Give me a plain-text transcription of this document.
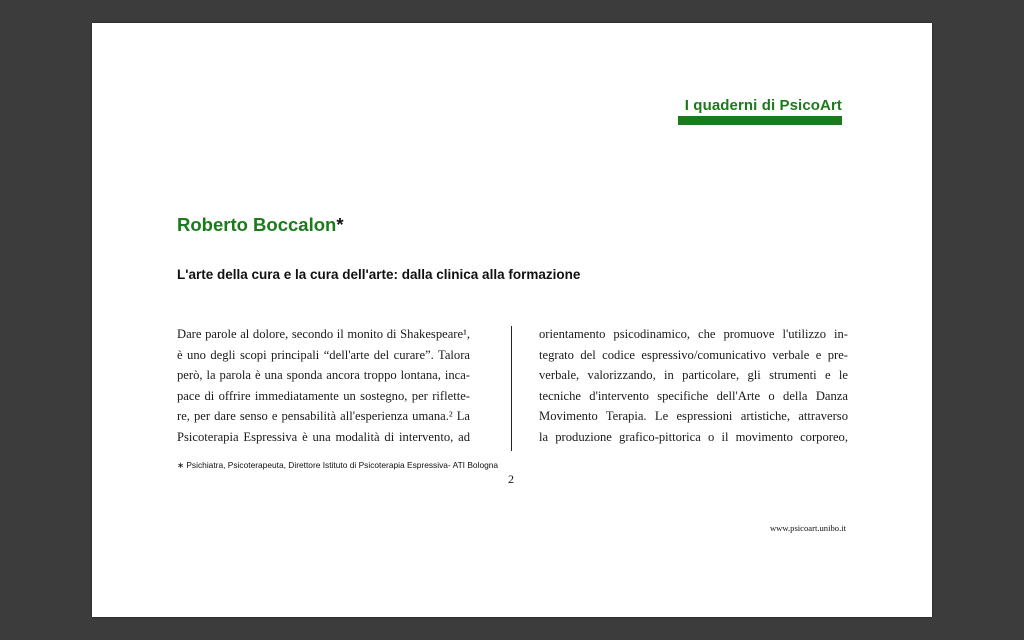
I quaderni di PsicoArt
Roberto Boccalon*
L'arte della cura e la cura dell'arte: dalla clinica alla formazione
Dare parole al dolore, secondo il monito di Shakespeare¹,
è uno degli scopi principali “dell'arte del curare”. Talora
però, la parola è una sponda ancora troppo lontana, inca-
pace di offrire immediatamente un sostegno, per riflette-
re, per dare senso e pensabilità all'esperienza umana.² La
Psicoterapia Espressiva è una modalità di intervento, ad
orientamento psicodinamico, che promuove l'utilizzo in-
tegrato del codice espressivo/comunicativo verbale e pre-
verbale, valorizzando, in particolare, gli strumenti e le
tecniche d'intervento specifiche dell'Arte o della Danza
Movimento Terapia. Le espressioni artistiche, attraverso
la produzione grafico-pittorica o il movimento corporeo,
∗ Psichiatra, Psicoterapeuta, Direttore Istituto di Psicoterapia Espressiva- ATI Bologna
2
www.psicoart.unibo.it
